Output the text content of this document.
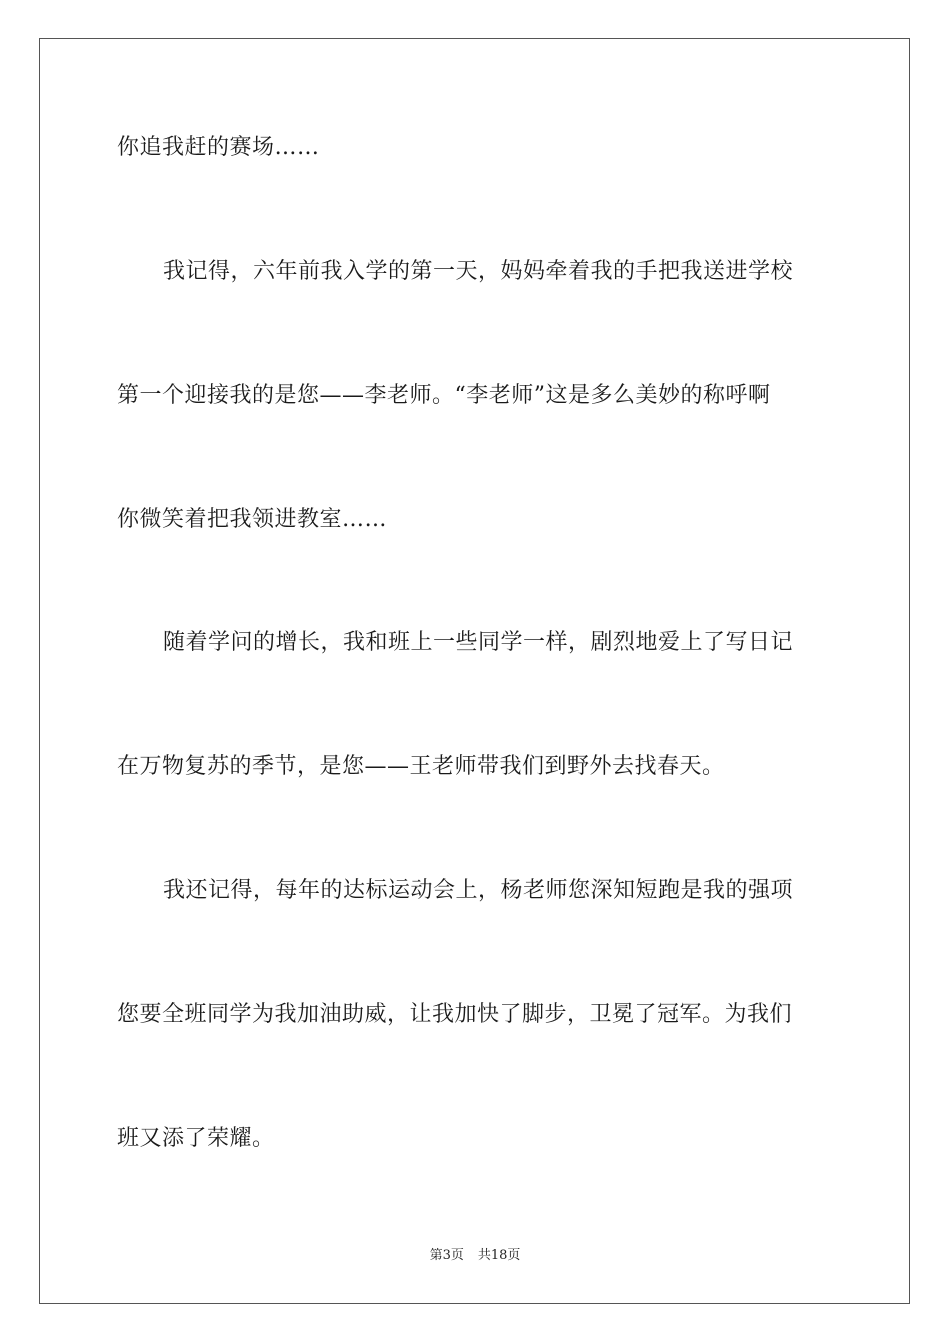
你追我赶的赛场……
我记得，六年前我入学的第一天，妈妈牵着我的手把我送进学校
第一个迎接我的是您——李老师。“李老师”这是多么美妙的称呼啊
你微笑着把我领进教室……
随着学问的增长，我和班上一些同学一样，剧烈地爱上了写日记
在万物复苏的季节，是您——王老师带我们到野外去找春天。
我还记得，每年的达标运动会上，杨老师您深知短跑是我的强项
您要全班同学为我加油助威，让我加快了脚步，卫冕了冠军。为我们
班又添了荣耀。
第3页 共18页
